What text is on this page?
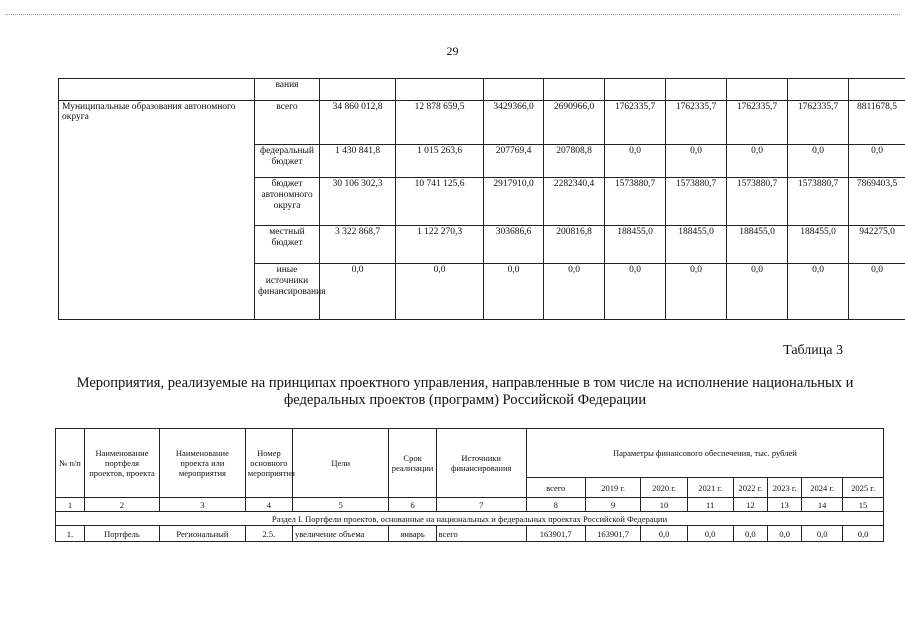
29
	вания									
Муниципальные образования автономного округа	всего	34 860 012,8	12 878 659,5	3429366,0	2690966,0	1762335,7	1762335,7	1762335,7	1762335,7	8811678,5
	федеральный бюджет	1 430 841,8	1 015 263,6	207769,4	207808,8	0,0	0,0	0,0	0,0	0,0
	бюджет автономного округа	30 106 302,3	10 741 125,6	2917910,0	2282340,4	1573880,7	1573880,7	1573880,7	1573880,7	7869403,5
	местный бюджет	3 322 868,7	1 122 270,3	303686,6	200816,8	188455,0	188455,0	188455,0	188455,0	942275,0
	иные источники финансирования	0,0	0,0	0,0	0,0	0,0	0,0	0,0	0,0	0,0
Таблица 3
Мероприятия, реализуемые на принципах проектного управления, направленные в том числе на исполнение национальных и федеральных проектов (программ) Российской Федерации
№ п/п	Наименование портфеля проектов, проекта	Наименование проекта или мероприятия	Номер основного мероприятия	Цели	Срок реализации	Источники финансирования	Параметры финансового обеспечения, тыс. рублей							
							всего	2019 г.	2020 г.	2021 г.	2022 г.	2023 г.	2024 г.	2025 г.
1	2	3	4	5	6	7	8	9	10	11	12	13	14	15
Раздел I. Портфели проектов, основанные на национальных и федеральных проектах Российской Федерации														
1.	Портфель	Региональный	2.5.	увеличение объема	январь	всего	163901,7	163901,7	0,0	0,0	0,0	0,0	0,0	0,0
